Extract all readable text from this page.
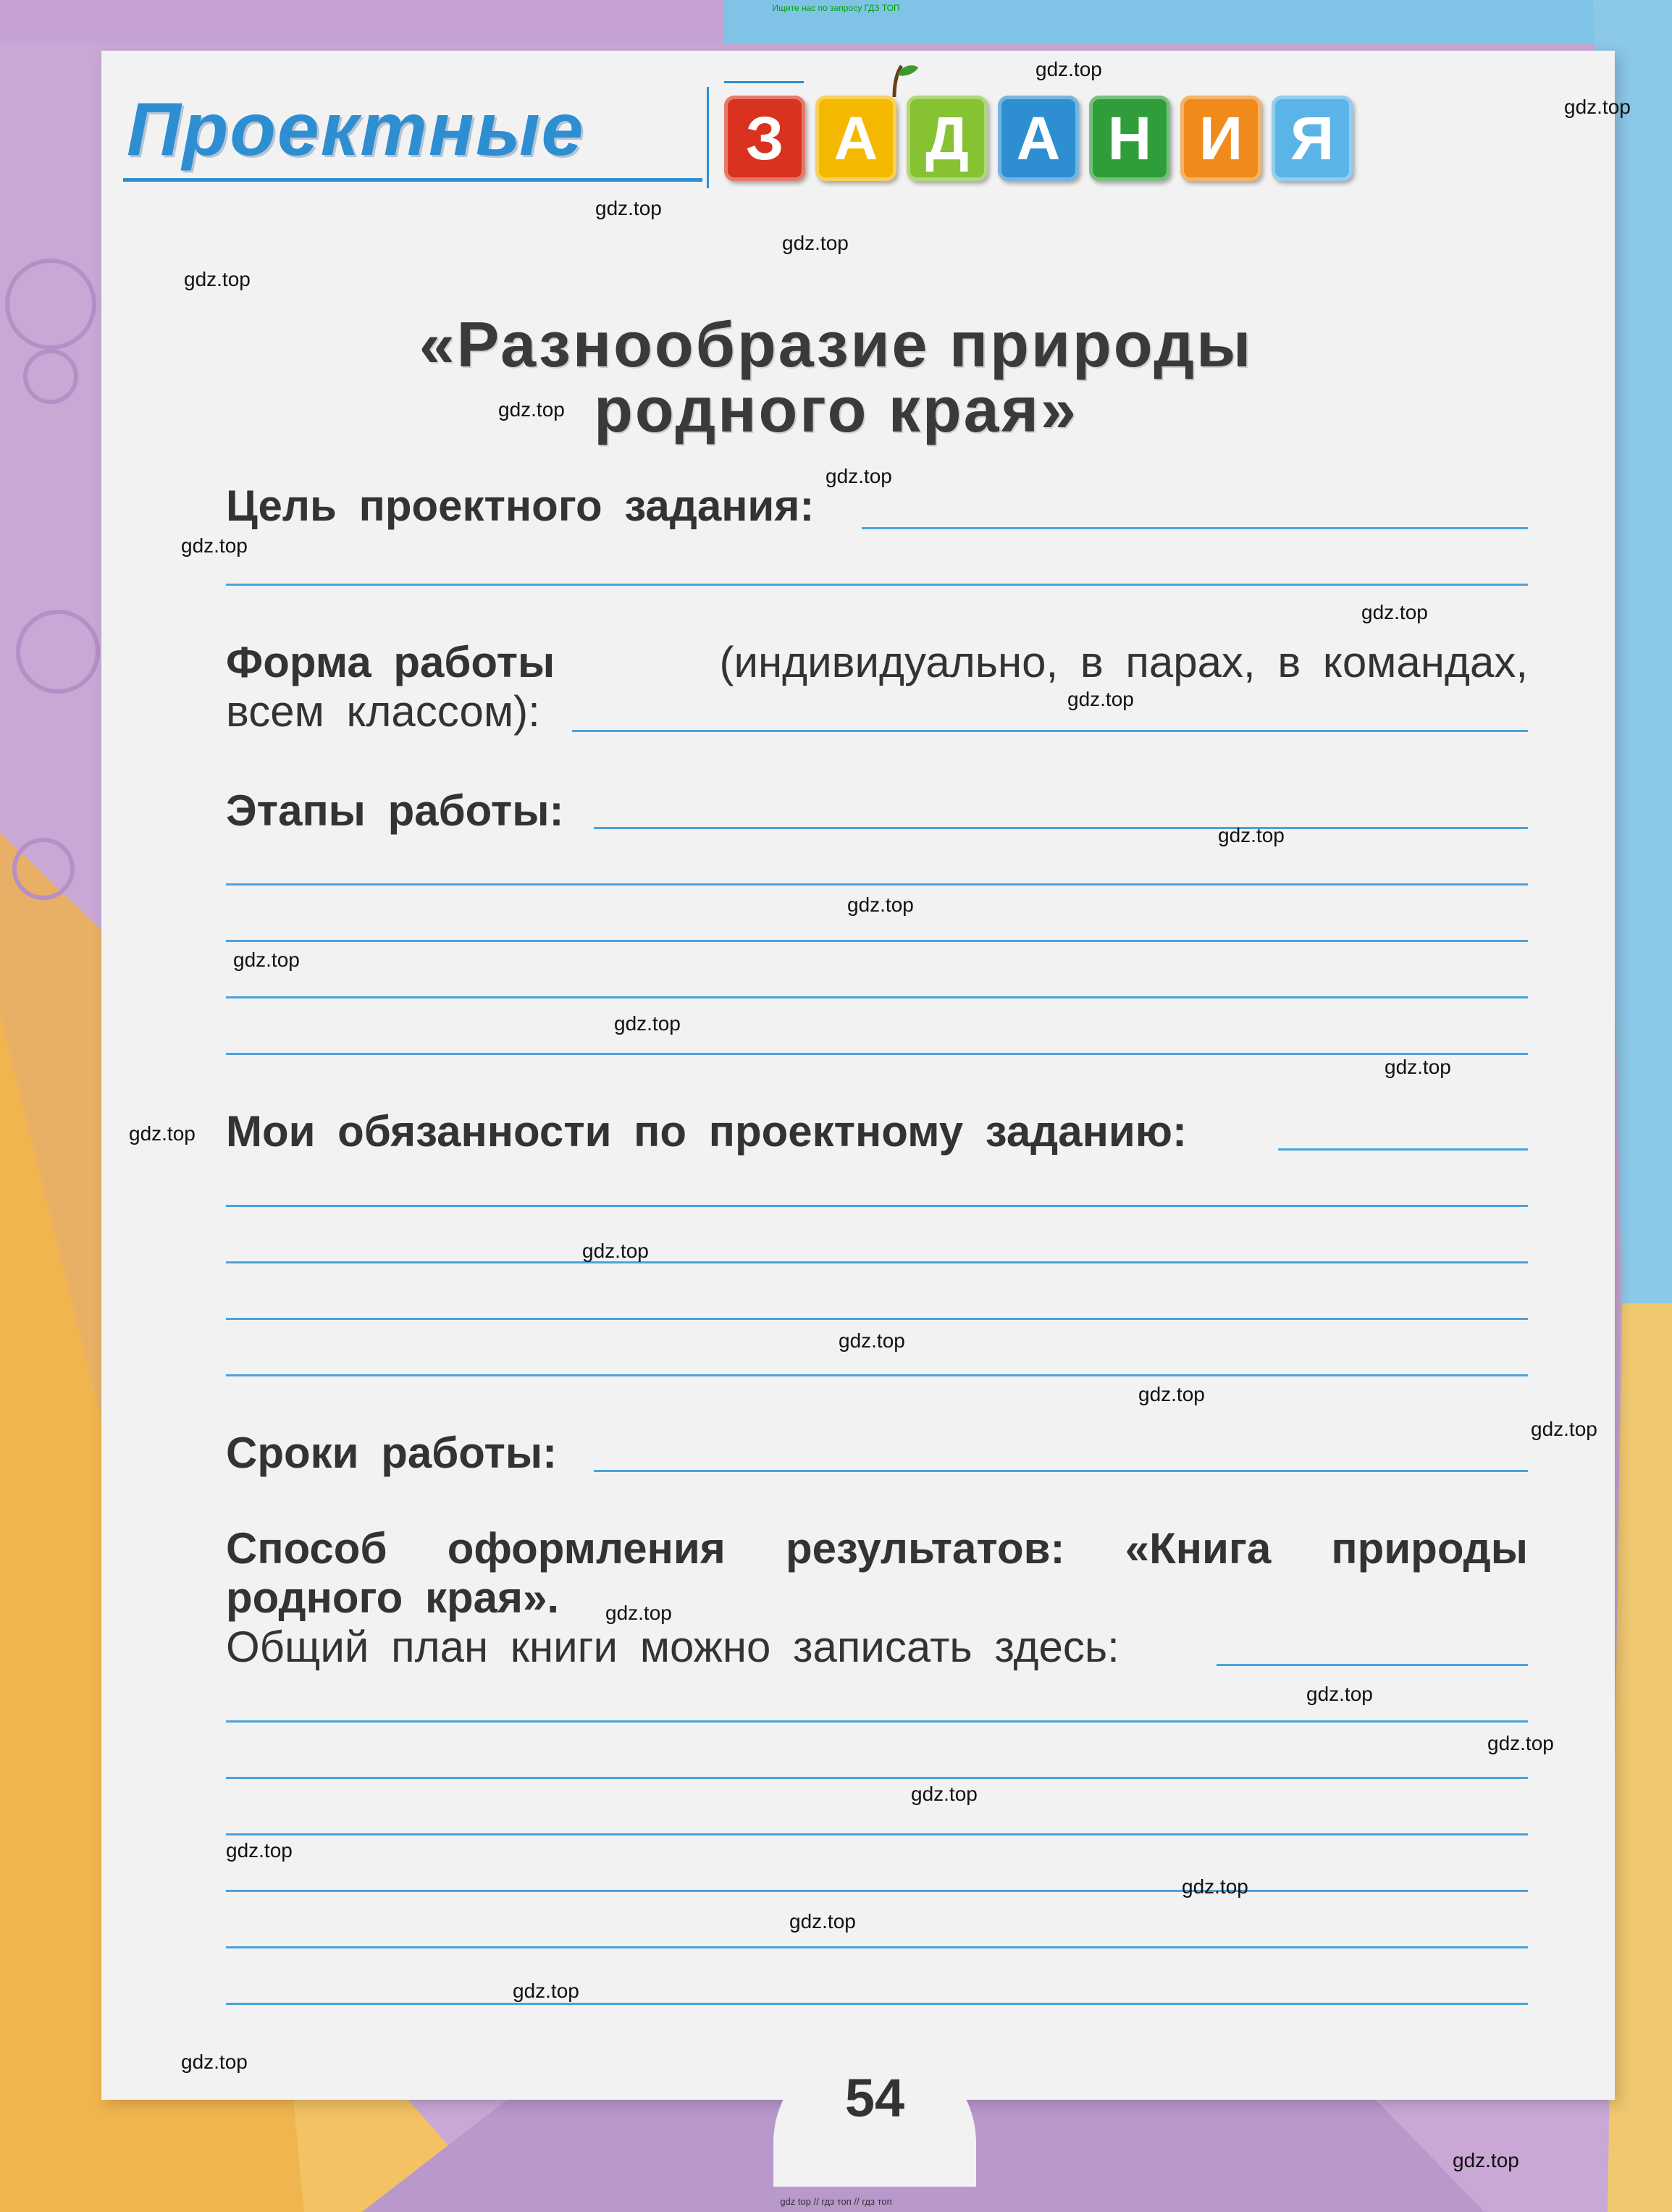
Ищите нас по запросу ГДЗ ТОП
Проектные	З А Д А Н И Я
«Разнообразие природы
родного края»
Цель проектного задания:
Форма работы	(индивидуально, в парах, в командах,
всем классом):
Этапы работы:
Мои обязанности по проектному заданию:
Сроки работы:
Способ оформления результатов: «Книга природы
родного края».
Общий план книги можно записать здесь:
54
gdz.top
gdz.top
gdz.top
gdz.top
gdz.top
gdz.top
gdz.top
gdz.top
gdz.top
gdz.top
gdz.top
gdz.top
gdz.top
gdz.top
gdz.top
gdz.top
gdz.top
gdz.top
gdz.top
gdz.top
gdz.top
gdz.top
gdz.top
gdz.top
gdz.top
gdz.top
gdz.top
gdz.top
gdz.top
gdz.top
gdz top // гдз топ // гдз топ
